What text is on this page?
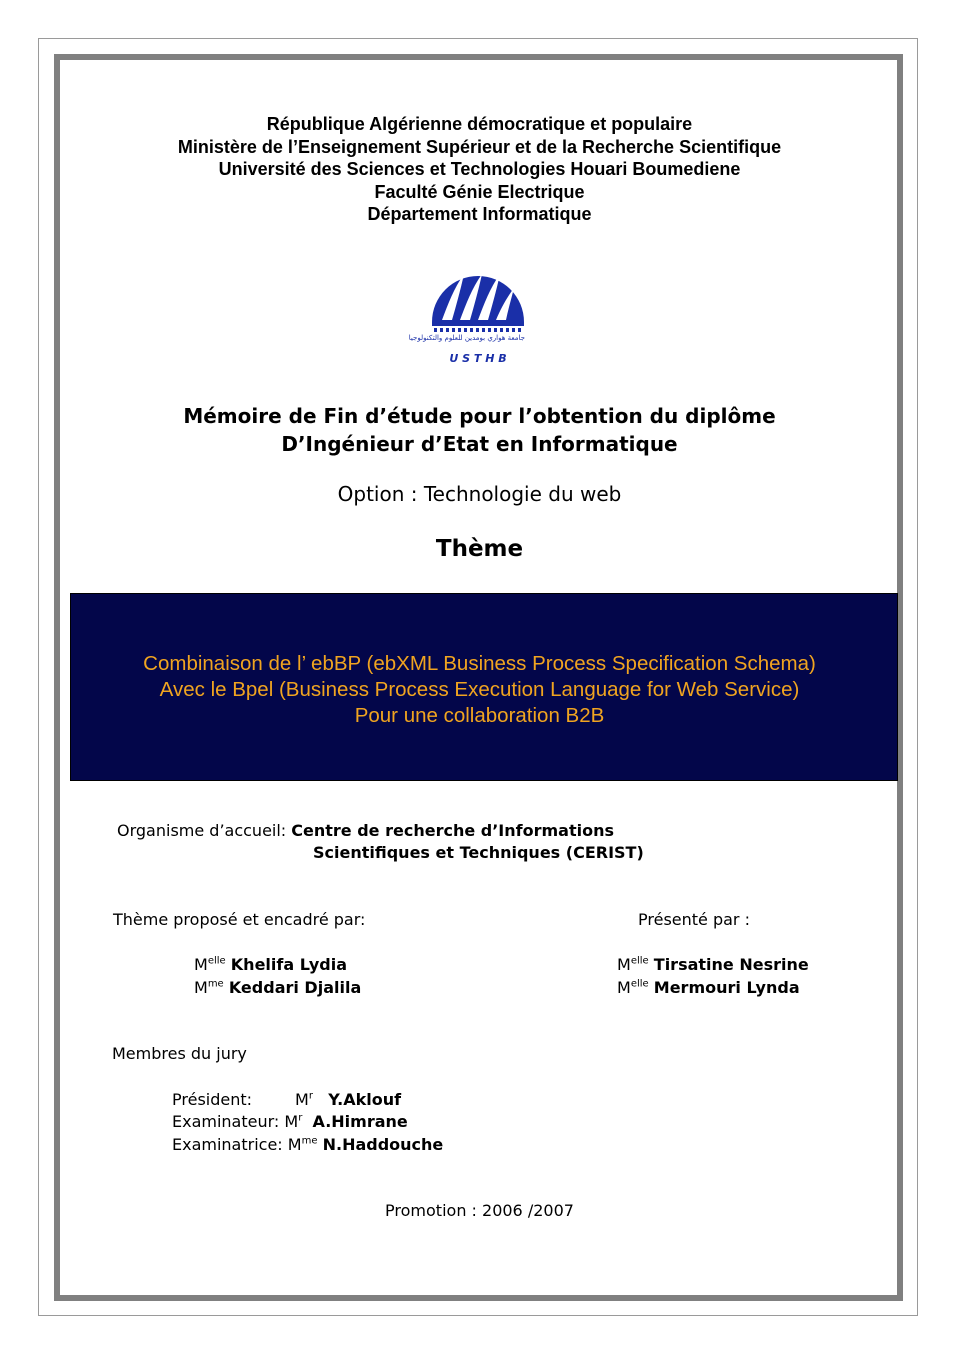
République Algérienne démocratique et populaire
Ministère de l’Enseignement Supérieur et de la Recherche Scientifique
Université des Sciences et Technologies Houari Boumediene
Faculté Génie Electrique
Département Informatique
جامعة هواري بومدين للعلوم والتكنولوجيا
U S T H B
Mémoire de Fin d’étude pour l’obtention du diplôme
D’Ingénieur d’Etat en Informatique
Option : Technologie du web
Thème
Combinaison de l’ ebBP (ebXML Business Process Specification Schema)
Avec le Bpel (Business Process Execution Language for Web Service)
Pour une collaboration B2B
Organisme d’accueil: Centre de recherche d’Informations
Scientifiques et Techniques (CERIST)
Thème proposé et encadré par:	Présenté par :
$M^{elle}$ Khelifa Lydia
$M^{me}$ Keddari Djalila
$M^{elle}$ Tirsatine Nesrine
$M^{elle}$ Mermouri Lynda
Membres du jury
Président:	$M^r$ Y.Aklouf
Examinateur: $M^r$ A.Himrane
Examinatrice: $M^{me}$ N.Haddouche
Promotion : 2006 /2007
